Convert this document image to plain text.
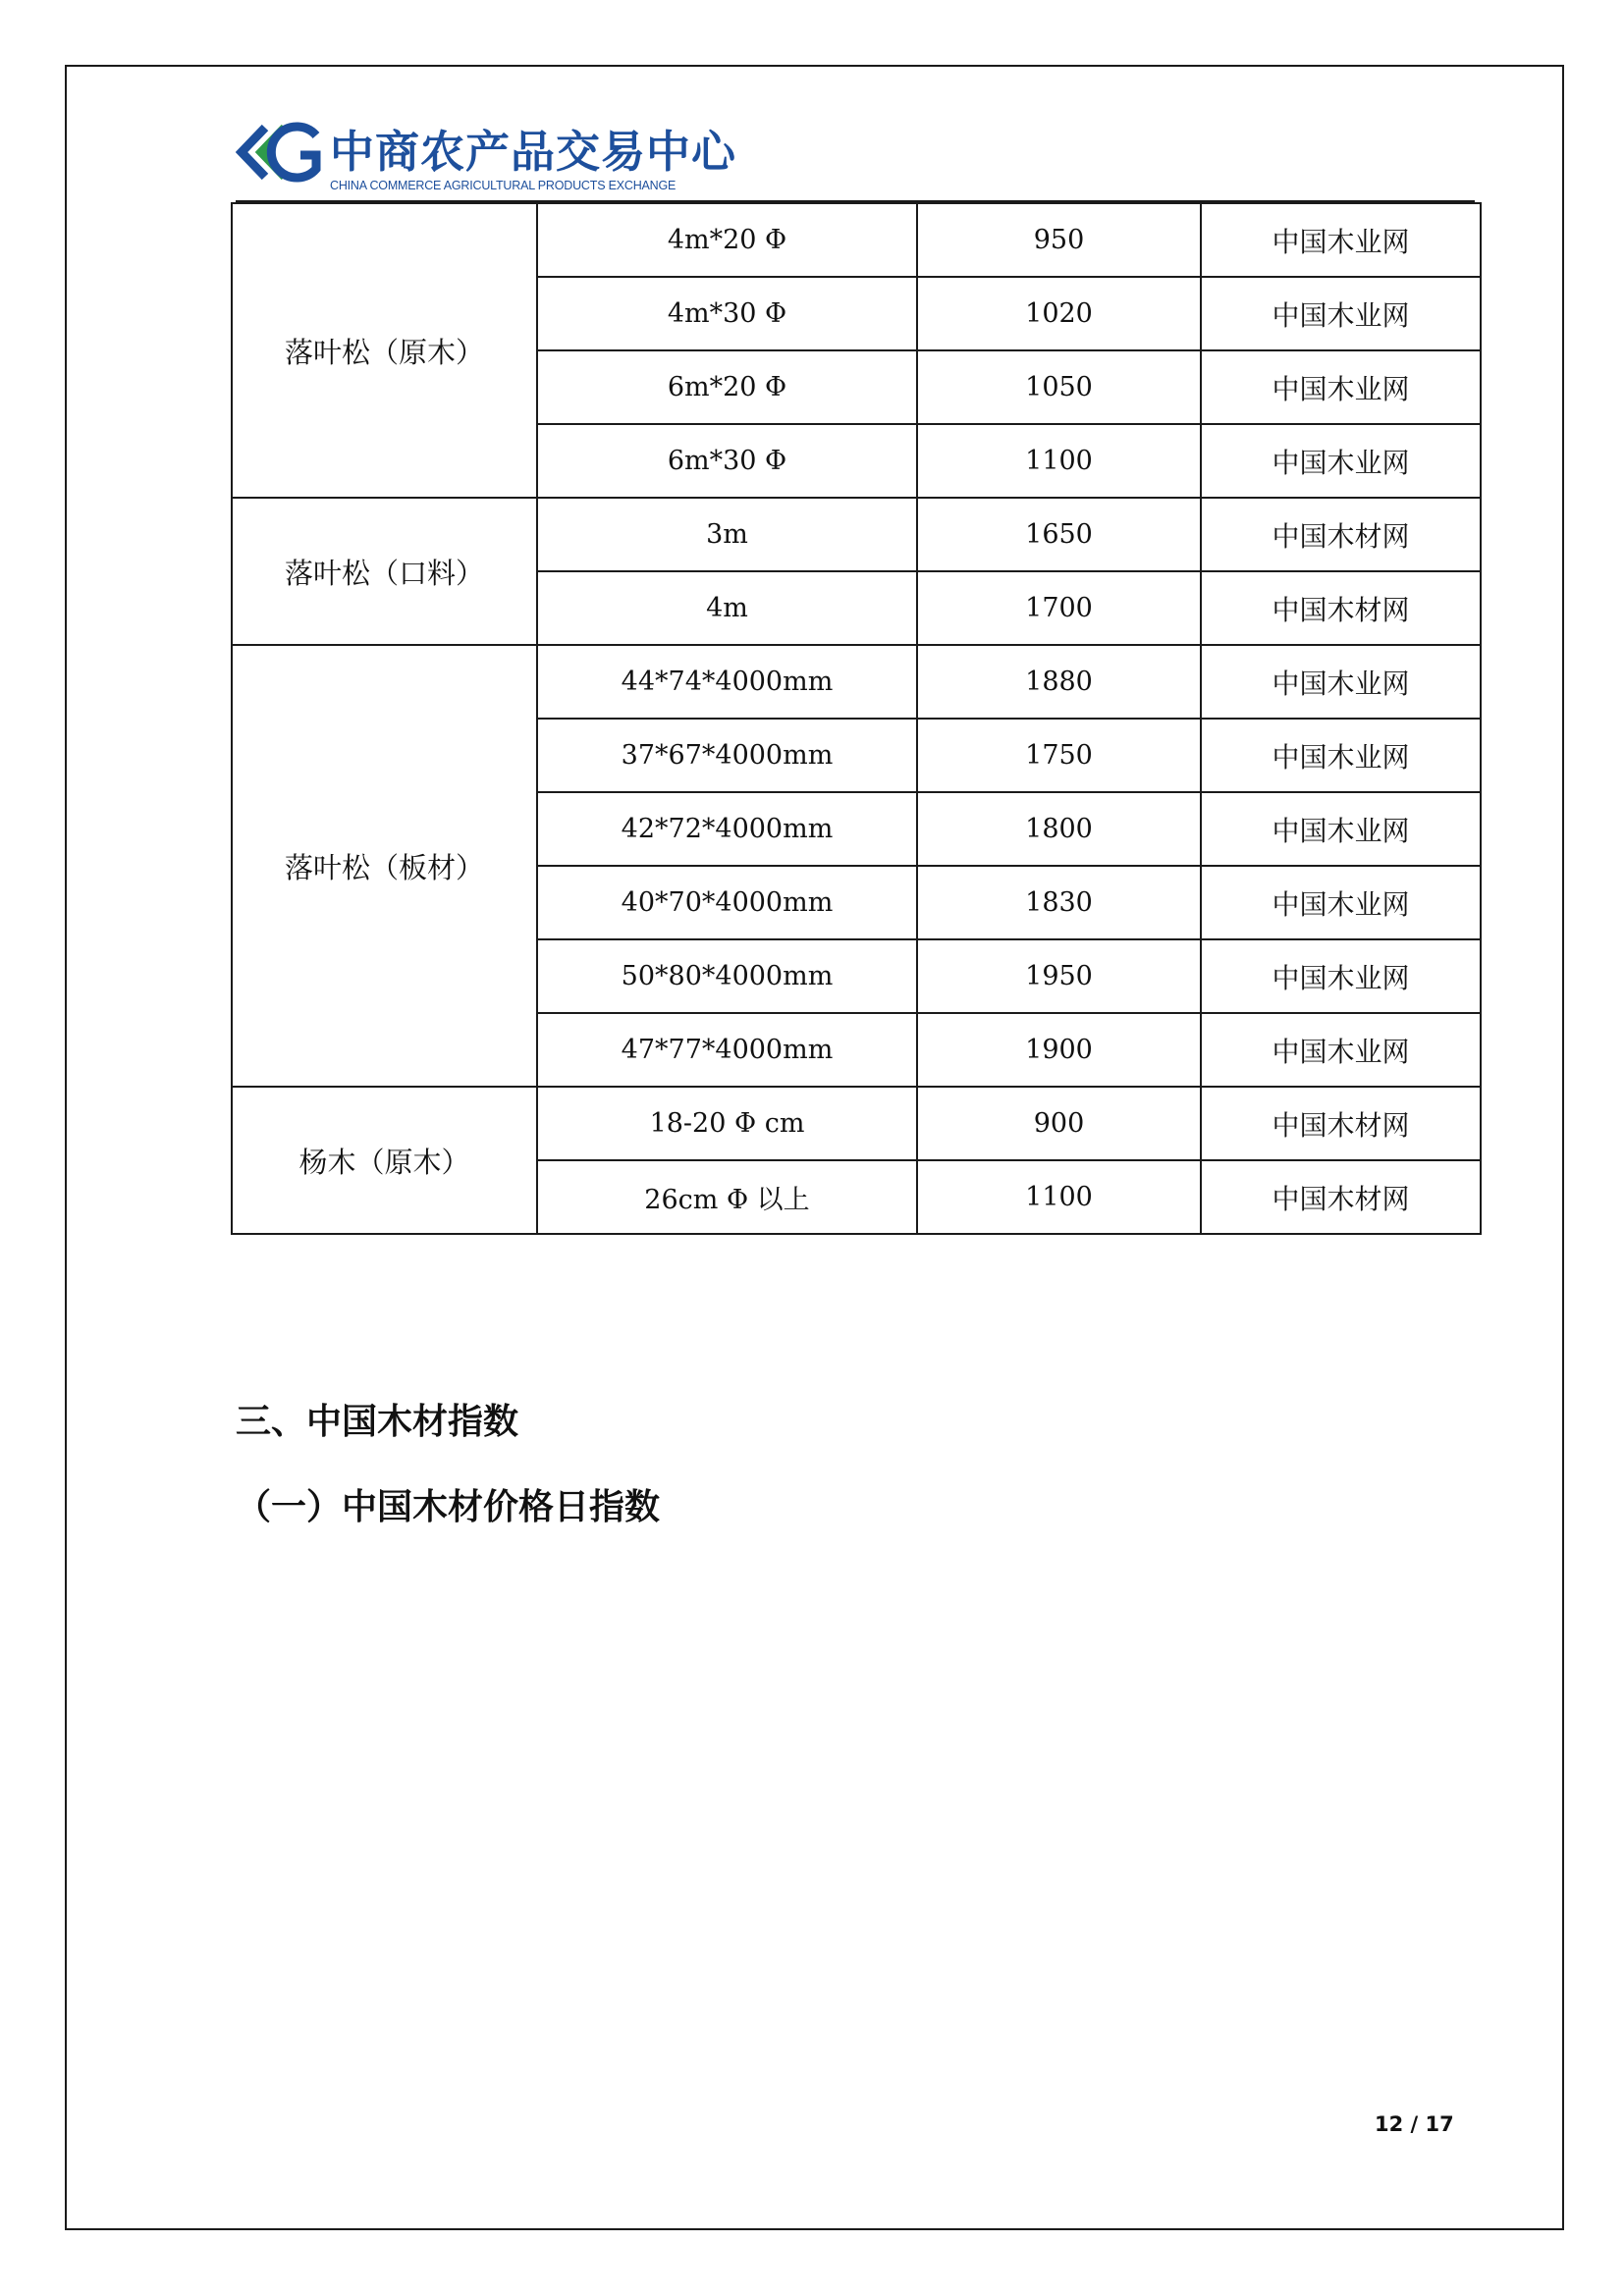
中商农产品交易中心
CHINA COMMERCE AGRICULTURAL PRODUCTS EXCHANGE
落叶松（原木）	4m*20 Φ	950	中国木业网
	4m*30 Φ	1020	中国木业网
	6m*20 Φ	1050	中国木业网
	6m*30 Φ	1100	中国木业网
落叶松（口料）	3m	1650	中国木材网
	4m	1700	中国木材网
落叶松（板材）	44*74*4000mm	1880	中国木业网
	37*67*4000mm	1750	中国木业网
	42*72*4000mm	1800	中国木业网
	40*70*4000mm	1830	中国木业网
	50*80*4000mm	1950	中国木业网
	47*77*4000mm	1900	中国木业网
杨木（原木）	18-20 Φ cm	900	中国木材网
	26cm Φ 以上	1100	中国木材网
三、中国木材指数
（一）中国木材价格日指数
12 / 17
